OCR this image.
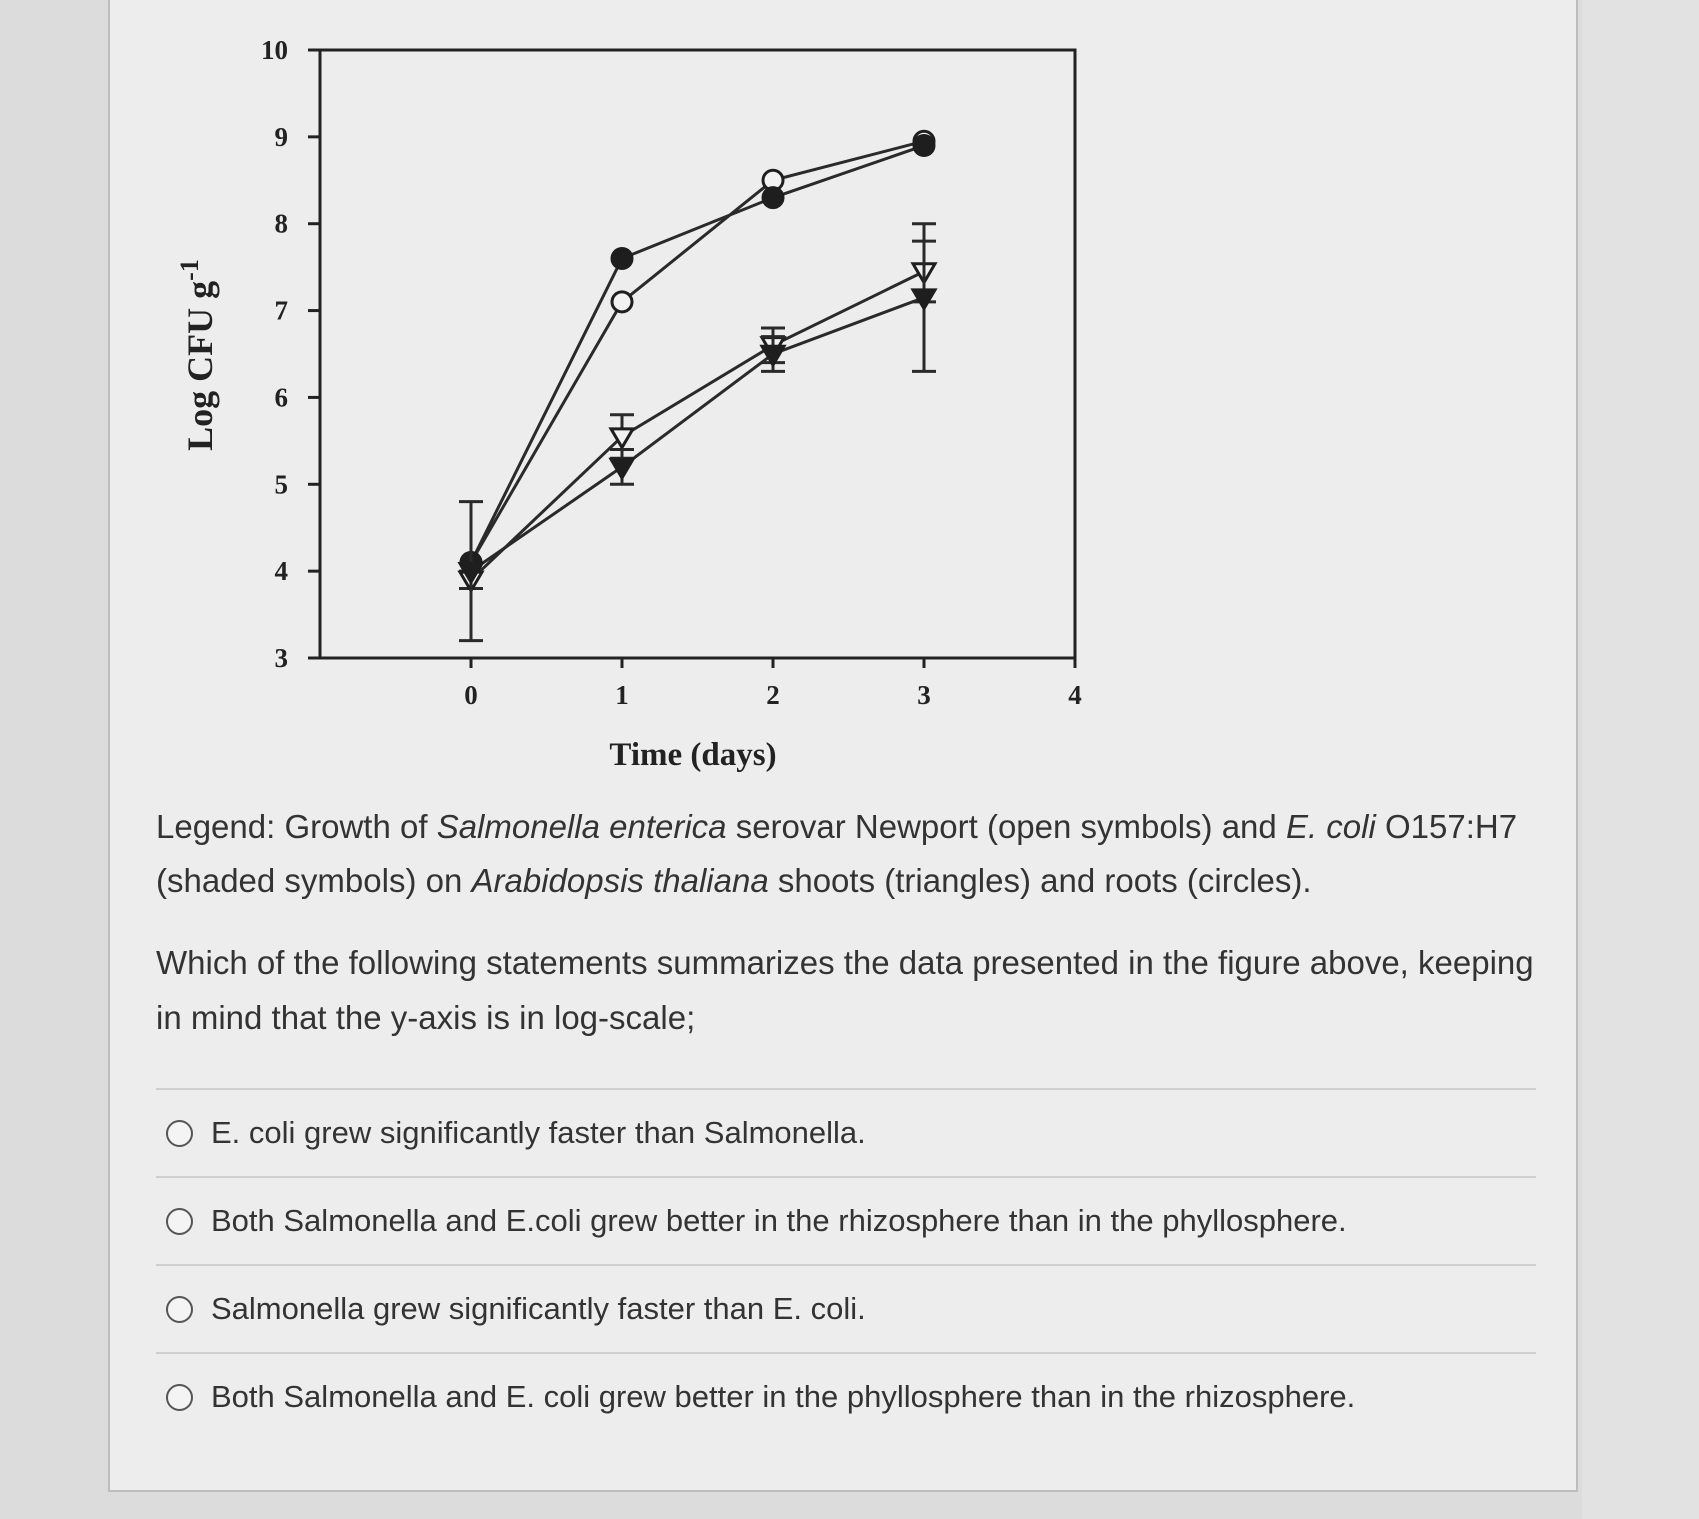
3
4
5
6
7
8
9
10
0	1	2	3	4
Log CFU $g^{-1}$
Time (days)
Legend: Growth of Salmonella enterica serovar Newport (open symbols) and E. coli O157:H7 (shaded symbols) on Arabidopsis thaliana shoots (triangles) and roots (circles).
Which of the following statements summarizes the data presented in the figure above, keeping in mind that the y-axis is in log-scale;
E. coli grew significantly faster than Salmonella.
Both Salmonella and E.coli grew better in the rhizosphere than in the phyllosphere.
Salmonella grew significantly faster than E. coli.
Both Salmonella and E. coli grew better in the phyllosphere than in the rhizosphere.
